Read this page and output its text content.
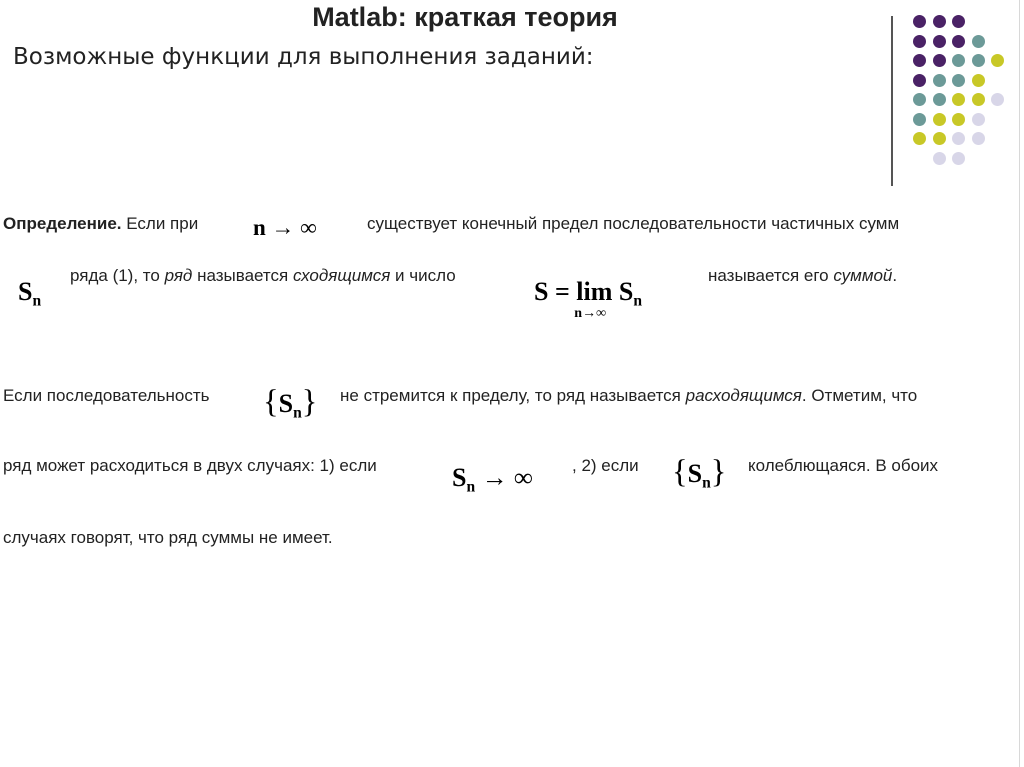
Matlab: краткая теория
Возможные функции для выполнения заданий:
Определение. Если при n → ∞	существует конечный предел последовательности частичных сумм
$S_n$
ряда (1), то ряд называется сходящимся и число
S = lim
n→∞
$S_n$
называется его суммой.
Если последовательность $\{S_n\}$ не стремится к пределу, то ряд называется расходящимся. Отметим, что
ряд может расходиться в двух случаях: 1) если	$S_n$ → ∞ , 2) если $\{S_n\}$ колеблющаяся. В обоих
случаях говорят, что ряд суммы не имеет.
